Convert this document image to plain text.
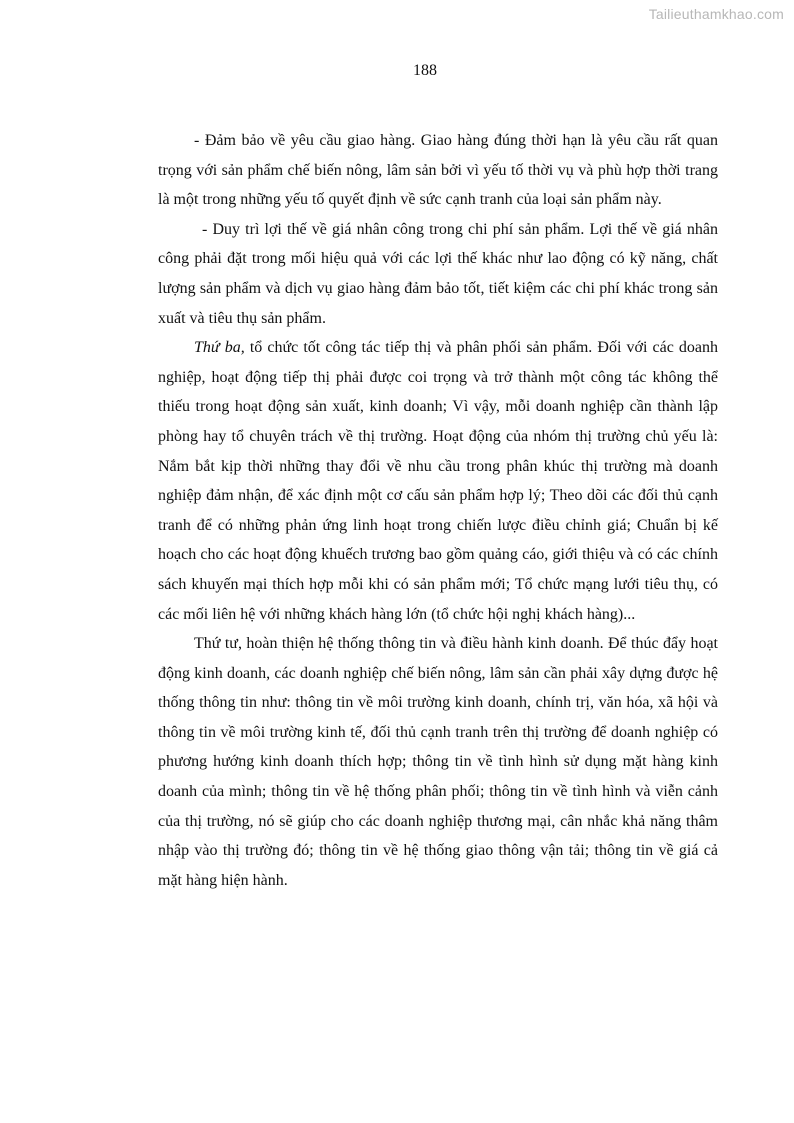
Tailieuthamkhao.com
188

- Đảm bảo về yêu cầu giao hàng. Giao hàng đúng thời hạn là yêu cầu rất quan trọng với sản phẩm chế biến nông, lâm sản bởi vì yếu tố thời vụ và phù hợp thời trang là một trong những yếu tố quyết định về sức cạnh tranh của loại sản phẩm này.

- Duy trì lợi thế về giá nhân công trong chi phí sản phẩm. Lợi thế về giá nhân công phải đặt trong mối hiệu quả với các lợi thế khác như lao động có kỹ năng, chất lượng sản phẩm và dịch vụ giao hàng đảm bảo tốt, tiết kiệm các chi phí khác trong sản xuất và tiêu thụ sản phẩm.

Thứ ba, tổ chức tốt công tác tiếp thị và phân phối sản phẩm. Đối với các doanh nghiệp, hoạt động tiếp thị phải được coi trọng và trở thành một công tác không thể thiếu trong hoạt động sản xuất, kinh doanh; Vì vậy, mỗi doanh nghiệp cần thành lập phòng hay tổ chuyên trách về thị trường. Hoạt động của nhóm thị trường chủ yếu là: Nắm bắt kịp thời những thay đổi về nhu cầu trong phân khúc thị trường mà doanh nghiệp đảm nhận, để xác định một cơ cấu sản phẩm hợp lý; Theo dõi các đối thủ cạnh tranh để có những phản ứng linh hoạt trong chiến lược điều chỉnh giá; Chuẩn bị kế hoạch cho các hoạt động khuếch trương bao gồm quảng cáo, giới thiệu và có các chính sách khuyến mại thích hợp mỗi khi có sản phẩm mới; Tổ chức mạng lưới tiêu thụ, có các mối liên hệ với những khách hàng lớn (tổ chức hội nghị khách hàng)...

Thứ tư, hoàn thiện hệ thống thông tin và điều hành kinh doanh. Để thúc đẩy hoạt động kinh doanh, các doanh nghiệp chế biến nông, lâm sản cần phải xây dựng được hệ thống thông tin như: thông tin về môi trường kinh doanh, chính trị, văn hóa, xã hội và thông tin về môi trường kinh tế, đối thủ cạnh tranh trên thị trường để doanh nghiệp có phương hướng kinh doanh thích hợp; thông tin về tình hình sử dụng mặt hàng kinh doanh của mình; thông tin về hệ thống phân phối; thông tin về tình hình và viễn cảnh của thị trường, nó sẽ giúp cho các doanh nghiệp thương mại, cân nhắc khả năng thâm nhập vào thị trường đó; thông tin về hệ thống giao thông vận tải; thông tin về giá cả mặt hàng hiện hành.
